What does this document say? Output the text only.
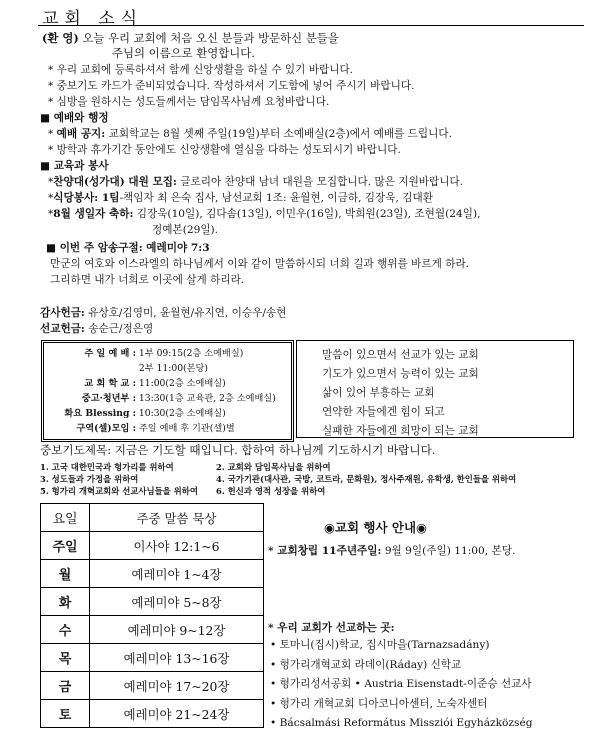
교회 소식
(환 영) 오늘 우리 교회에 처음 오신 분들과 방문하신 분들을
주님의 이름으로 환영합니다.
* 우리 교회에 등록하셔서 함께 신앙생활을 하실 수 있기 바랍니다.
* 중보기도 카드가 준비되었습니다. 작성하셔서 기도함에 넣어 주시기 바랍니다.
* 심방을 원하시는 성도들께서는 담임목사님께 요청바랍니다.
■ 예배와 행정
* 예배 공지: 교회학교는 8월 셋째 주일(19일)부터 소예배실(2층)에서 예배를 드립니다.
* 방학과 휴가기간 동안에도 신앙생활에 열심을 다하는 성도되시기 바랍니다.
■ 교육과 봉사
*찬양대(성가대) 대원 모집: 글로리아 찬양대 남녀 대원을 모집합니다. 많은 지원바랍니다.
*식당봉사: 1팀-책임자 최 은숙 집사, 남선교회 1조: 윤월현, 이금하, 김장욱, 김대환
*8월 생일자 축하: 김장욱(10일), 김다솜(13일), 이민우(16일), 박희원(23일), 조현월(24일),
정예본(29일).
■ 이번 주 암송구절: 예레미야 7:3
만군의 여호와 이스라엘의 하나님께서 이와 같이 말씀하시되 너희 길과 행위를 바르게 하라.
그리하면 내가 너희로 이곳에 살게 하리라.
감사헌금: 유상호/김영미, 윤월현/유지연, 이승우/송현
선교헌금: 송순근/정은영
주 일 예 배 : 1부 09:15(2층 소예배실)
2부 11:00(본당)
교 회 학 교 : 11:00(2층 소예배실)
중고·청년부 : 13:30(1층 교육관, 2층 소예배실)
화요 Blessing : 10:30(2층 소예배실)
구역(셀)모임 : 주일 예배 후 기관(셀)별
말씀이 있으면서 선교가 있는 교회
기도가 있으면서 능력이 있는 교회
삶이 있어 부흥하는 교회
연약한 자들에겐 힘이 되고
실패한 자들에겐 희망이 되는 교회
중보기도제목: 지금은 기도할 때입니다. 합하여 하나님께 기도하시기 바랍니다.
1. 고국 대한민국과 헝가리를 위하여	2. 교회와 담임목사님을 위하여
3. 성도들과 가정을 위하여	4. 국가기관(대사관, 국방, 코트라, 문화원), 정사주재원, 유학생, 한인들을 위하여
5. 헝가리 개혁교회와 선교사님들을 위하여 6. 헌신과 영적 성장을 위하여
요일	주중 말씀 묵상
주일	이사야 12:1~6
월	예레미야 1~4장
화	예레미야 5~8장
수	예레미야 9~12장
목	예레미야 13~16장
금	예레미야 17~20장
토	예레미야 21~24장
◉교회 행사 안내◉
* 교회창립 11주년주일: 9월 9일(주일) 11:00, 본당.
* 우리 교회가 선교하는 곳:
• 토마니(집시)학교, 집시마을(Tarnazsadány)
• 헝가리개혁교회 라데이(Ráday) 신학교
• 헝가리성서공회 • Austria Eisenstadt-이준승 선교사
• 헝가리 개혁교회 디아코니아센터, 노숙자센터
• Bácsalmási Református Missziói Egyházközség
